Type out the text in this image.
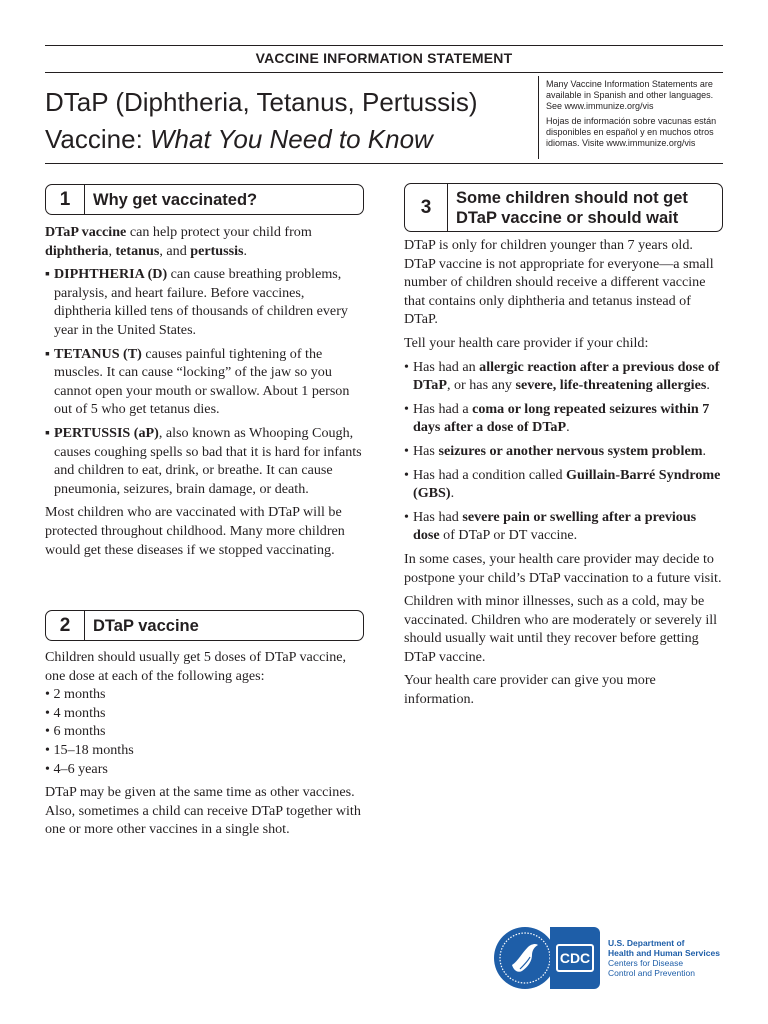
VACCINE INFORMATION STATEMENT
DTaP (Diphtheria, Tetanus, Pertussis)
Vaccine: What You Need to Know

Many Vaccine Information Statements are available in Spanish and other languages. See www.immunize.org/vis

Hojas de información sobre vacunas están disponibles en español y en muchos otros idiomas. Visite www.immunize.org/vis

1	Why get vaccinated?

DTaP vaccine can help protect your child from diphtheria, tetanus, and pertussis.

▪ DIPHTHERIA (D) can cause breathing problems, paralysis, and heart failure. Before vaccines, diphtheria killed tens of thousands of children every year in the United States.
▪ TETANUS (T) causes painful tightening of the muscles. It can cause “locking” of the jaw so you cannot open your mouth or swallow. About 1 person out of 5 who get tetanus dies.
▪ PERTUSSIS (aP), also known as Whooping Cough, causes coughing spells so bad that it is hard for infants and children to eat, drink, or breathe. It can cause pneumonia, seizures, brain damage, or death.

Most children who are vaccinated with DTaP will be protected throughout childhood. Many more children would get these diseases if we stopped vaccinating.

2	DTaP vaccine

Children should usually get 5 doses of DTaP vaccine, one dose at each of the following ages:

• 2 months
• 4 months
• 6 months
• 15–18 months
• 4–6 years

DTaP may be given at the same time as other vaccines. Also, sometimes a child can receive DTaP together with one or more other vaccines in a single shot.

3	Some children should not get
DTaP vaccine or should wait

DTaP is only for children younger than 7 years old. DTaP vaccine is not appropriate for everyone—a small number of children should receive a different vaccine that contains only diphtheria and tetanus instead of DTaP.

Tell your health care provider if your child:

• Has had an allergic reaction after a previous dose of DTaP, or has any severe, life-threatening allergies.
• Has had a coma or long repeated seizures within 7 days after a dose of DTaP.
• Has seizures or another nervous system problem.
• Has had a condition called Guillain-Barré Syndrome (GBS).
• Has had severe pain or swelling after a previous dose of DTaP or DT vaccine.

In some cases, your health care provider may decide to postpone your child’s DTaP vaccination to a future visit.

Children with minor illnesses, such as a cold, may be vaccinated. Children who are moderately or severely ill should usually wait until they recover before getting DTaP vaccine.

Your health care provider can give you more information.

CDC
U.S. Department of
Health and Human Services
Centers for Disease
Control and Prevention
